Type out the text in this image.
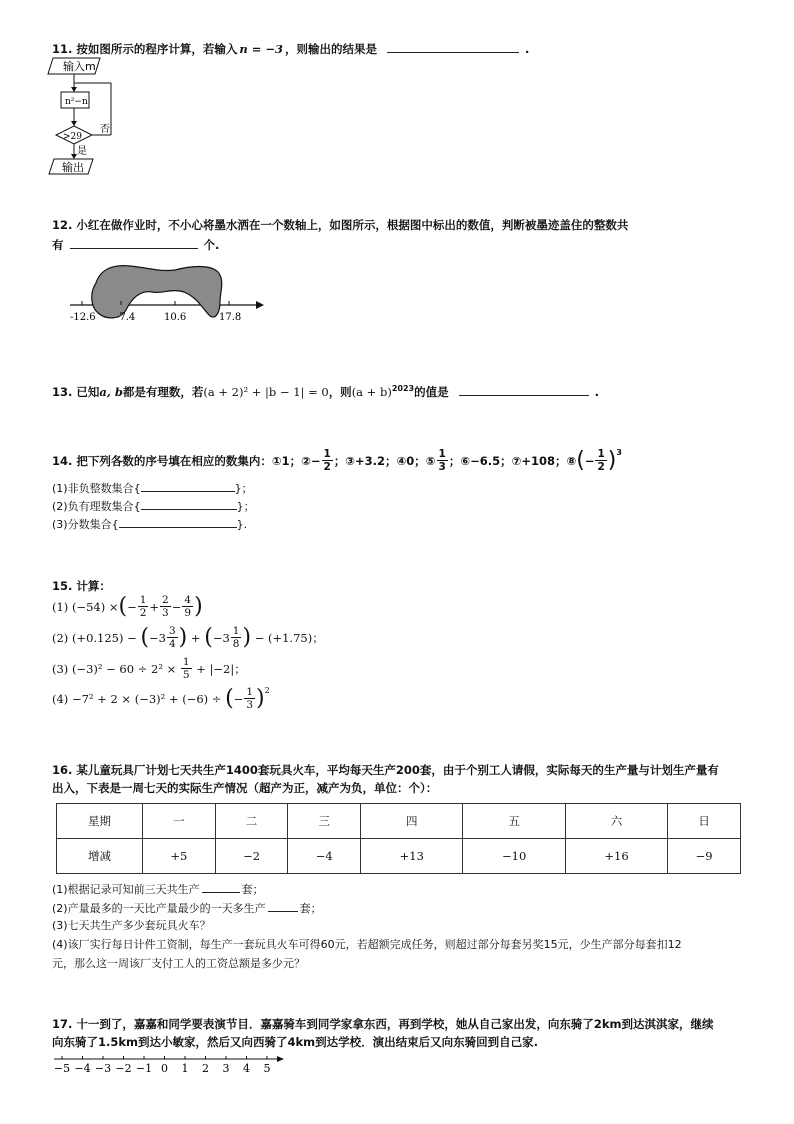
11. 按如图所示的程序计算，若输入 n = −3 ，则输出的结果是	.
输入m
n²−n
>29
否
是
输出
12. 小红在做作业时，不小心将墨水洒在一个数轴上，如图所示，根据图中标出的数值，判断被墨迹盖住的整数共
有	个.
-12.6 -7.4	10.6	17.8
13. 已知a, b都是有理数，若(a + 2)² + |b − 1| = 0，则$(a + b)^{2023}$的值是	.
14. 把下列各数的序号填在相应的数集内：①1；② − $\frac{1}{2}$ ；③+3.2；④0；⑤ $\frac{1}{3}$ ；⑥−6.5；⑦+108；⑧ ( − $\frac{1}{2} )^3$
(1)非负整数集合{	}；
(2)负有理数集合{	}；
(3)分数集合{	}.
15. 计算：
(1) (−54) × ( − $\frac{1}{2} + \frac{2}{3} - \frac{4}{9}$ )
(2) (+0.125) − ( $-3 \frac{3}{4}$ ) + ( $-3 \frac{1}{8}$ ) − (+1.75)；
(3) $(-3)^2 - 60 \div 2^2 \times \frac{1}{5} + |-2|$；
(4) −7² + 2 × (−3)² + (−6) ÷ ( − $\frac{1}{3} )^2$
16. 某儿童玩具厂计划七天共生产1400套玩具火车，平均每天生产200套，由于个别工人请假，实际每天的生产量与计划生产量有
出入，下表是一周七天的实际生产情况（超产为正，减产为负，单位：个）：
星期	一	二	三	四	五	六	日
增减	+5	−2	−4	+13	−10	+16	−9
(1)根据记录可知前三天共生产	套；
(2)产量最多的一天比产量最少的一天多生产	套；
(3)七天共生产多少套玩具火车？
(4)该厂实行每日计件工资制，每生产一套玩具火车可得60元，若超额完成任务，则超过部分每套另奖15元，少生产部分每套扣12
元，那么这一周该厂支付工人的工资总额是多少元？
17. 十一到了，嘉嘉和同学要表演节目．嘉嘉骑车到同学家拿东西，再到学校，她从自己家出发，向东骑了2km到达淇淇家，继续
向东骑了1.5km到达小敏家，然后又向西骑了4km到达学校．演出结束后又向东骑回到自己家.
−5 −4 −3 −2 −1 0 1 2 3 4 5
